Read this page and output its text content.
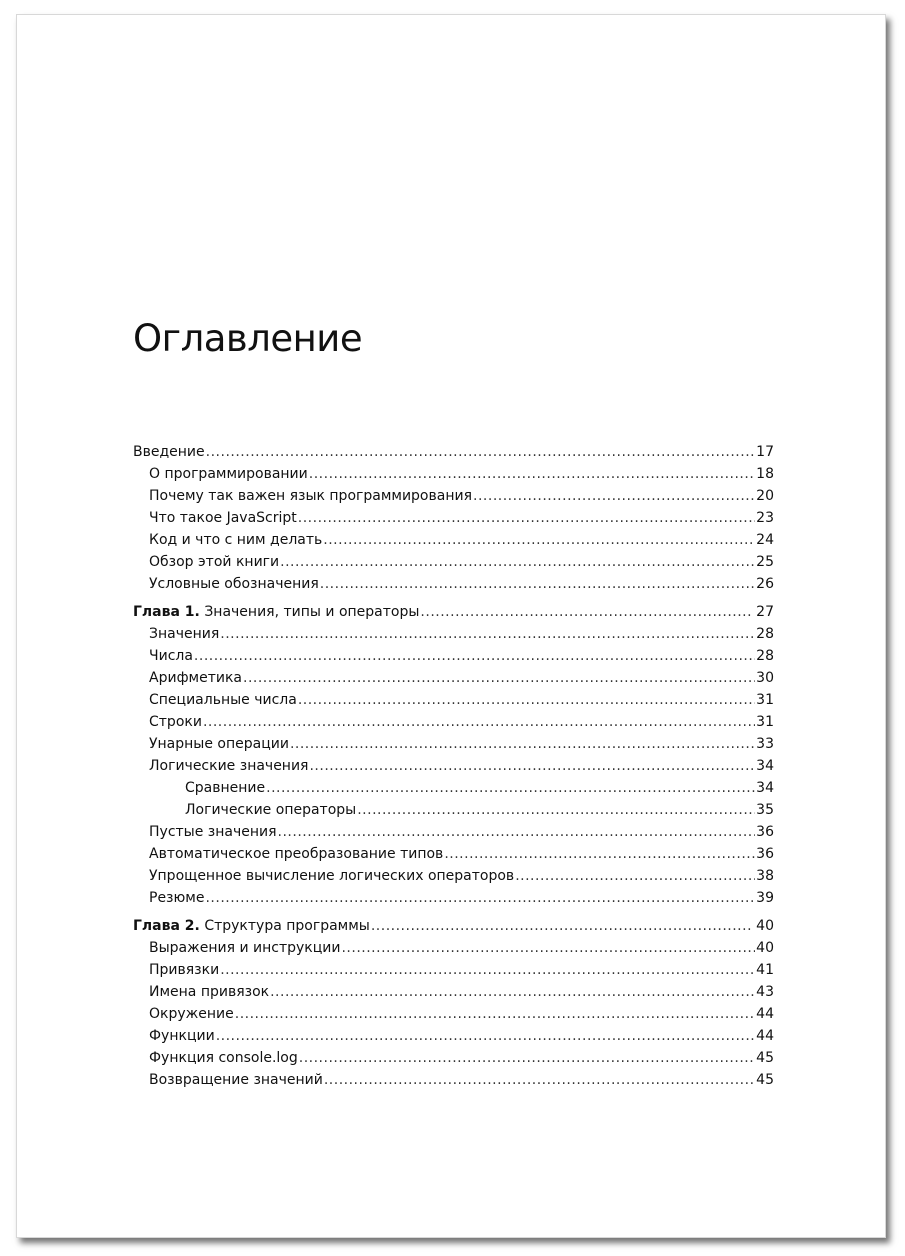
Оглавление
Введение .....	17
О программировании .....	18
Почему так важен язык программирования .....	20
Что такое JavaScript .....	23
Код и что с ним делать .....	24
Обзор этой книги .....	25
Условные обозначения .....	26
Глава 1. Значения, типы и операторы .....	27
Значения .....	28
Числа .....	28
Арифметика .....	30
Специальные числа .....	31
Строки .....	31
Унарные операции .....	33
Логические значения .....	34
Сравнение .....	34
Логические операторы .....	35
Пустые значения .....	36
Автоматическое преобразование типов .....	36
Упрощенное вычисление логических операторов .....	38
Резюме .....	39
Глава 2. Структура программы .....	40
Выражения и инструкции .....	40
Привязки .....	41
Имена привязок .....	43
Окружение .....	44
Функции .....	44
Функция console.log .....	45
Возвращение значений .....	45
